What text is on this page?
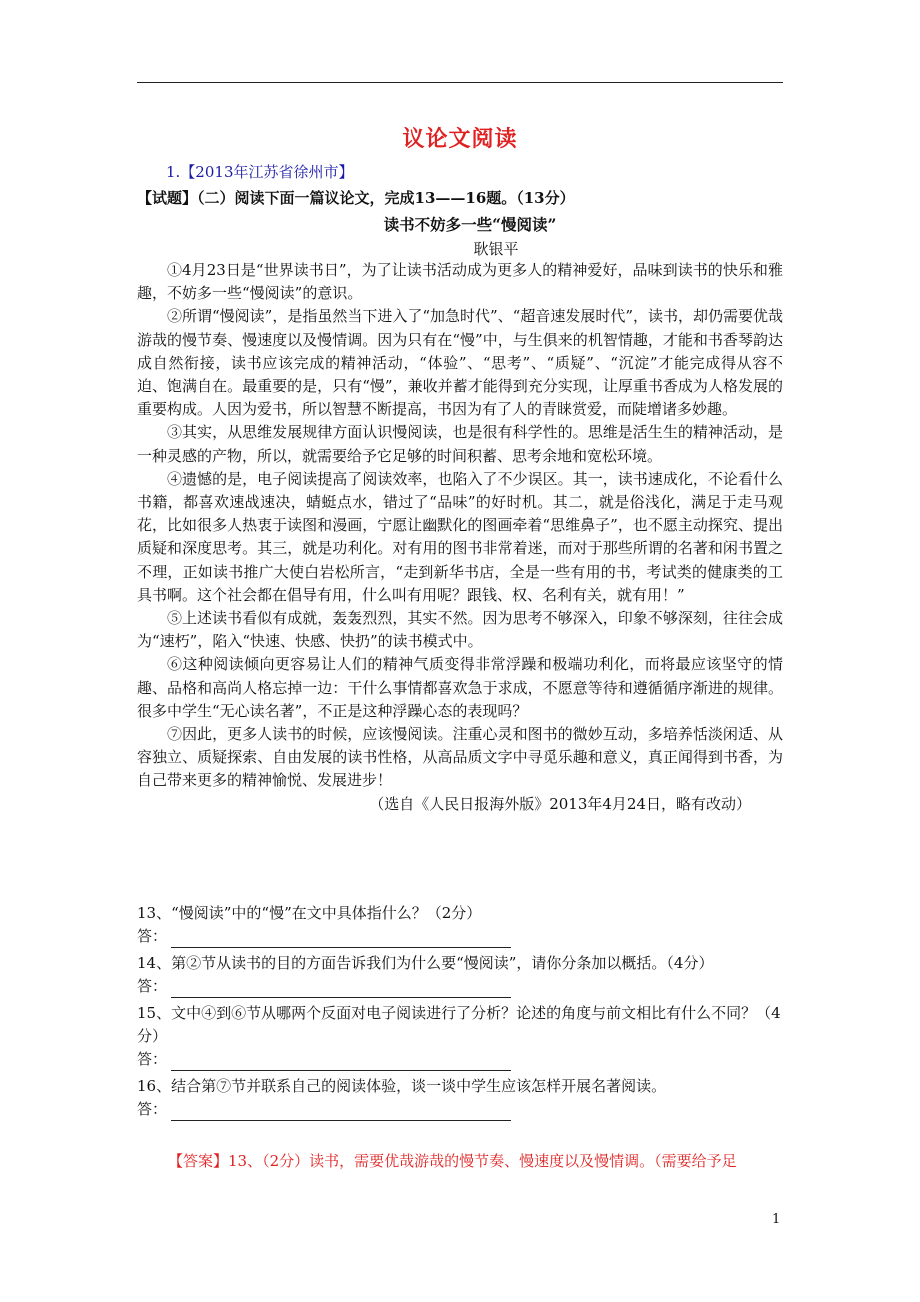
议论文阅读
1.【2013年江苏省徐州市】
【试题】（二）阅读下面一篇议论文，完成13——16题。（13分）
读书不妨多一些“慢阅读”
耿银平

①4月23日是“世界读书日”，为了让读书活动成为更多人的精神爱好，品味到读书的快乐和雅趣，不妨多一些“慢阅读”的意识。

②所谓“慢阅读”，是指虽然当下进入了“加急时代”、“超音速发展时代”，读书，却仍需要优哉游哉的慢节奏、慢速度以及慢情调。因为只有在“慢”中，与生俱来的机智情趣，才能和书香琴韵达成自然衔接，读书应该完成的精神活动，“体验”、“思考”、“质疑”、“沉淀”才能完成得从容不迫、饱满自在。最重要的是，只有“慢”，兼收并蓄才能得到充分实现，让厚重书香成为人格发展的重要构成。人因为爱书，所以智慧不断提高，书因为有了人的青睐赏爱，而陡增诸多妙趣。

③其实，从思维发展规律方面认识慢阅读，也是很有科学性的。思维是活生生的精神活动，是一种灵感的产物，所以，就需要给予它足够的时间积蓄、思考余地和宽松环境。

④遗憾的是，电子阅读提高了阅读效率，也陷入了不少误区。其一，读书速成化，不论看什么书籍，都喜欢速战速决，蜻蜓点水，错过了“品味”的好时机。其二，就是俗浅化，满足于走马观花，比如很多人热衷于读图和漫画，宁愿让幽默化的图画牵着“思维鼻子”，也不愿主动探究、提出质疑和深度思考。其三，就是功利化。对有用的图书非常着迷，而对于那些所谓的名著和闲书置之不理，正如读书推广大使白岩松所言，“走到新华书店，全是一些有用的书，考试类的健康类的工具书啊。这个社会都在倡导有用，什么叫有用呢？跟钱、权、名利有关，就有用！”

⑤上述读书看似有成就，轰轰烈烈，其实不然。因为思考不够深入，印象不够深刻，往往会成为“速朽”，陷入“快速、快感、快扔”的读书模式中。

⑥这种阅读倾向更容易让人们的精神气质变得非常浮躁和极端功利化，而将最应该坚守的情趣、品格和高尚人格忘掉一边：干什么事情都喜欢急于求成，不愿意等待和遵循循序渐进的规律。很多中学生“无心读名著”，不正是这种浮躁心态的表现吗？

⑦因此，更多人读书的时候，应该慢阅读。注重心灵和图书的微妙互动，多培养恬淡闲适、从容独立、质疑探索、自由发展的读书性格，从高品质文字中寻觅乐趣和意义，真正闻得到书香，为自己带来更多的精神愉悦、发展进步！

（选自《人民日报海外版》2013年4月24日，略有改动）

13、“慢阅读”中的“慢”在文中具体指什么？（2分）

答：

14、第②节从读书的目的方面告诉我们为什么要“慢阅读”，请你分条加以概括。（4分）

答：

15、文中④到⑥节从哪两个反面对电子阅读进行了分析？论述的角度与前文相比有什么不同？（4分）

答：

16、结合第⑦节并联系自己的阅读体验，谈一谈中学生应该怎样开展名著阅读。

答：
【答案】13、（2分）读书，需要优哉游哉的慢节奏、慢速度以及慢情调。（需要给予足
1
